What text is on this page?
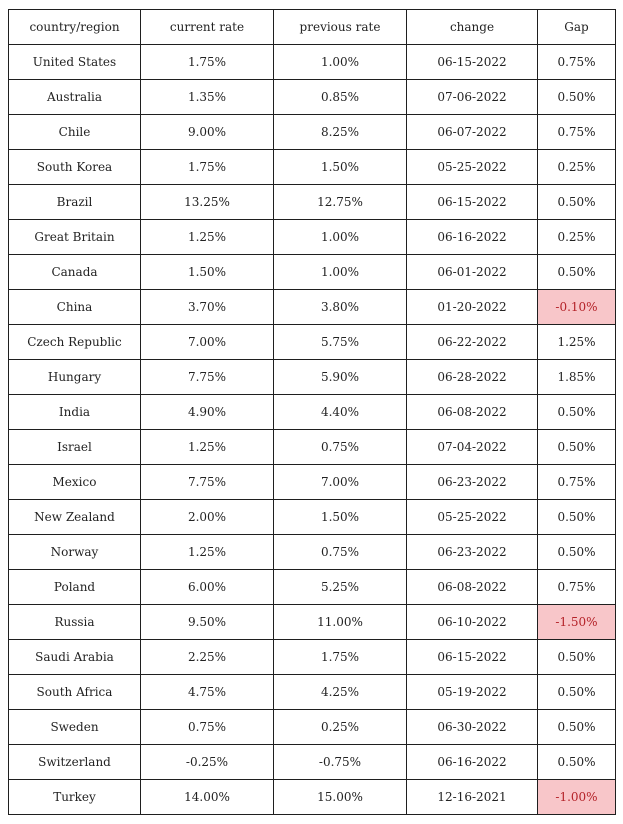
country/region	current rate	previous rate	change	Gap
United States	1.75%	1.00%	06-15-2022	0.75%
Australia	1.35%	0.85%	07-06-2022	0.50%
Chile	9.00%	8.25%	06-07-2022	0.75%
South Korea	1.75%	1.50%	05-25-2022	0.25%
Brazil	13.25%	12.75%	06-15-2022	0.50%
Great Britain	1.25%	1.00%	06-16-2022	0.25%
Canada	1.50%	1.00%	06-01-2022	0.50%
China	3.70%	3.80%	01-20-2022	-0.10%
Czech Republic	7.00%	5.75%	06-22-2022	1.25%
Hungary	7.75%	5.90%	06-28-2022	1.85%
India	4.90%	4.40%	06-08-2022	0.50%
Israel	1.25%	0.75%	07-04-2022	0.50%
Mexico	7.75%	7.00%	06-23-2022	0.75%
New Zealand	2.00%	1.50%	05-25-2022	0.50%
Norway	1.25%	0.75%	06-23-2022	0.50%
Poland	6.00%	5.25%	06-08-2022	0.75%
Russia	9.50%	11.00%	06-10-2022	-1.50%
Saudi Arabia	2.25%	1.75%	06-15-2022	0.50%
South Africa	4.75%	4.25%	05-19-2022	0.50%
Sweden	0.75%	0.25%	06-30-2022	0.50%
Switzerland	-0.25%	-0.75%	06-16-2022	0.50%
Turkey	14.00%	15.00%	12-16-2021	-1.00%
